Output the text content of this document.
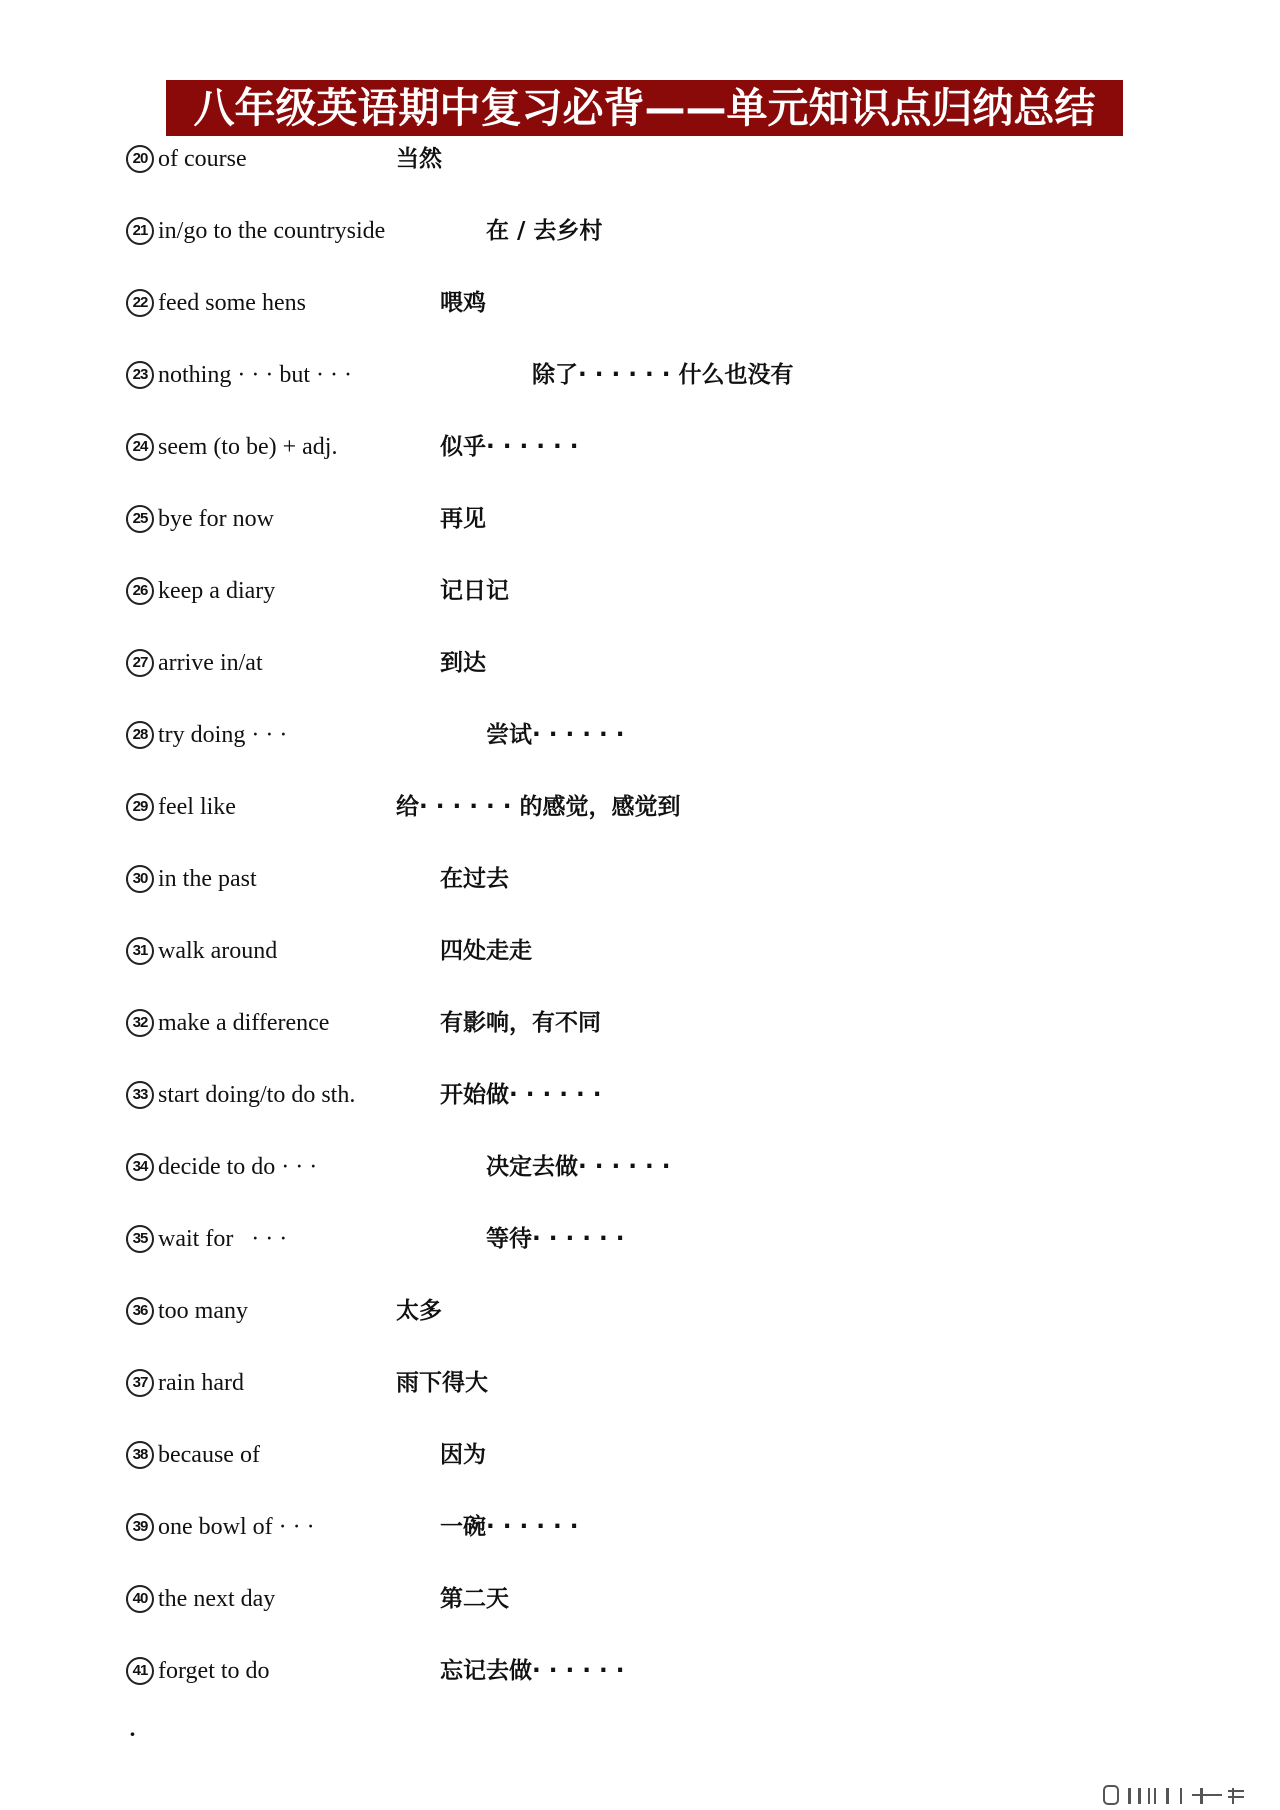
八年级英语期中复习必背——单元知识点归纳总结
20 of course	当然
21 in/go to the countryside	在 / 去乡村
22 feed some hens	喂鸡
23 nothing · · · but · · ·	除了· · · · · · 什么也没有
24 seem (to be) + adj.	似乎· · · · · ·
25 bye for now	再见
26 keep a diary	记日记
27 arrive in/at	到达
28 try doing · · ·	尝试· · · · · ·
29 feel like	给· · · · · · 的感觉，感觉到
30 in the past	在过去
31 walk around	四处走走
32 make a difference	有影响，有不同
33 start doing/to do sth.	开始做· · · · · ·
34 decide to do · · ·	决定去做· · · · · ·
35 wait for   · · ·	等待· · · · · ·
36 too many	太多
37 rain hard	雨下得大
38 because of	因为
39 one bowl of · · ·	一碗· · · · · ·
40 the next day	第二天
41 forget to do	忘记去做· · · · · ·
·
